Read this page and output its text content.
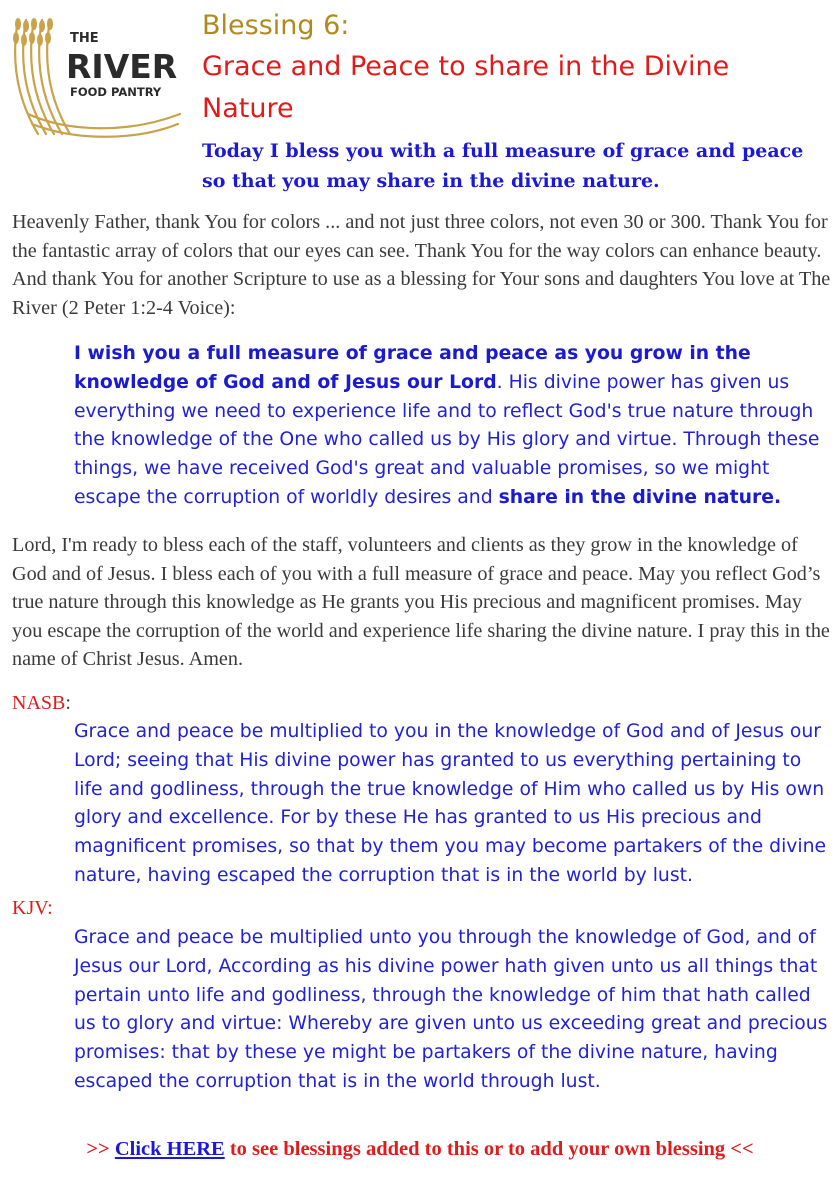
THE
RIVER
FOOD PANTRY
Blessing 6:
Grace and Peace to share in the Divine
Nature
Today I bless you with a full measure of grace and peace so that you may share in the divine nature.

Heavenly Father, thank You for colors ... and not just three colors, not even 30 or 300. Thank You for the fantastic array of colors that our eyes can see. Thank You for the way colors can enhance beauty. And thank You for another Scripture to use as a blessing for Your sons and daughters You love at The River (2 Peter 1:2-4 Voice):

I wish you a full measure of grace and peace as you grow in the knowledge of God and of Jesus our Lord. His divine power has given us everything we need to experience life and to reflect God's true nature through the knowledge of the One who called us by His glory and virtue. Through these things, we have received God's great and valuable promises, so we might escape the corruption of worldly desires and share in the divine nature.

Lord, I'm ready to bless each of the staff, volunteers and clients as they grow in the knowledge of God and of Jesus. I bless each of you with a full measure of grace and peace. May you reflect God’s true nature through this knowledge as He grants you His precious and magnificent promises. May you escape the corruption of the world and experience life sharing the divine nature. I pray this in the name of Christ Jesus. Amen.

NASB:

Grace and peace be multiplied to you in the knowledge of God and of Jesus our Lord; seeing that His divine power has granted to us everything pertaining to life and godliness, through the true knowledge of Him who called us by His own glory and excellence. For by these He has granted to us His precious and magnificent promises, so that by them you may become partakers of the divine nature, having escaped the corruption that is in the world by lust.

KJV:

Grace and peace be multiplied unto you through the knowledge of God, and of Jesus our Lord, According as his divine power hath given unto us all things that pertain unto life and godliness, through the knowledge of him that hath called us to glory and virtue: Whereby are given unto us exceeding great and precious promises: that by these ye might be partakers of the divine nature, having escaped the corruption that is in the world through lust.

>> Click HERE to see blessings added to this or to add your own blessing <<
